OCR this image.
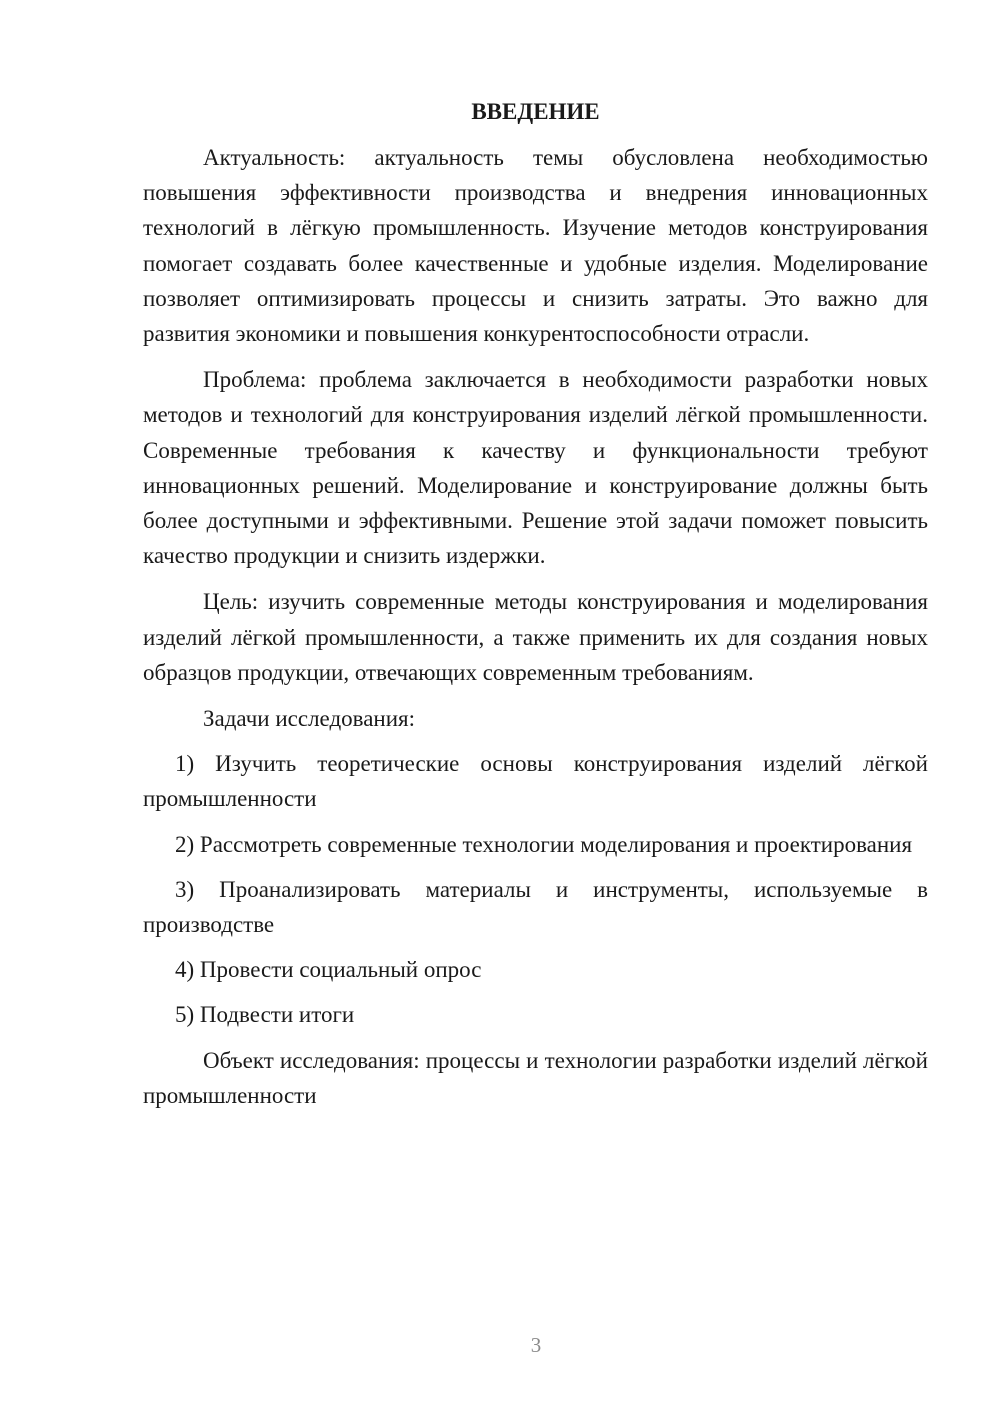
ВВЕДЕНИЕ

Актуальность: актуальность темы обусловлена необходимостью повышения эффективности производства и внедрения инновационных технологий в лёгкую промышленность. Изучение методов конструирования помогает создавать более качественные и удобные изделия. Моделирование позволяет оптимизировать процессы и снизить затраты. Это важно для развития экономики и повышения конкурентоспособности отрасли.

Проблема: проблема заключается в необходимости разработки новых методов и технологий для конструирования изделий лёгкой промышленности. Современные требования к качеству и функциональности требуют инновационных решений. Моделирование и конструирование должны быть более доступными и эффективными. Решение этой задачи поможет повысить качество продукции и снизить издержки.

Цель: изучить современные методы конструирования и моделирования изделий лёгкой промышленности, а также применить их для создания новых образцов продукции, отвечающих современным требованиям.

Задачи исследования:

1) Изучить теоретические основы конструирования изделий лёгкой промышленности

2) Рассмотреть современные технологии моделирования и проектирования

3) Проанализировать материалы и инструменты, используемые в производстве

4) Провести социальный опрос

5) Подвести итоги

Объект исследования: процессы и технологии разработки изделий лёгкой промышленности

3
